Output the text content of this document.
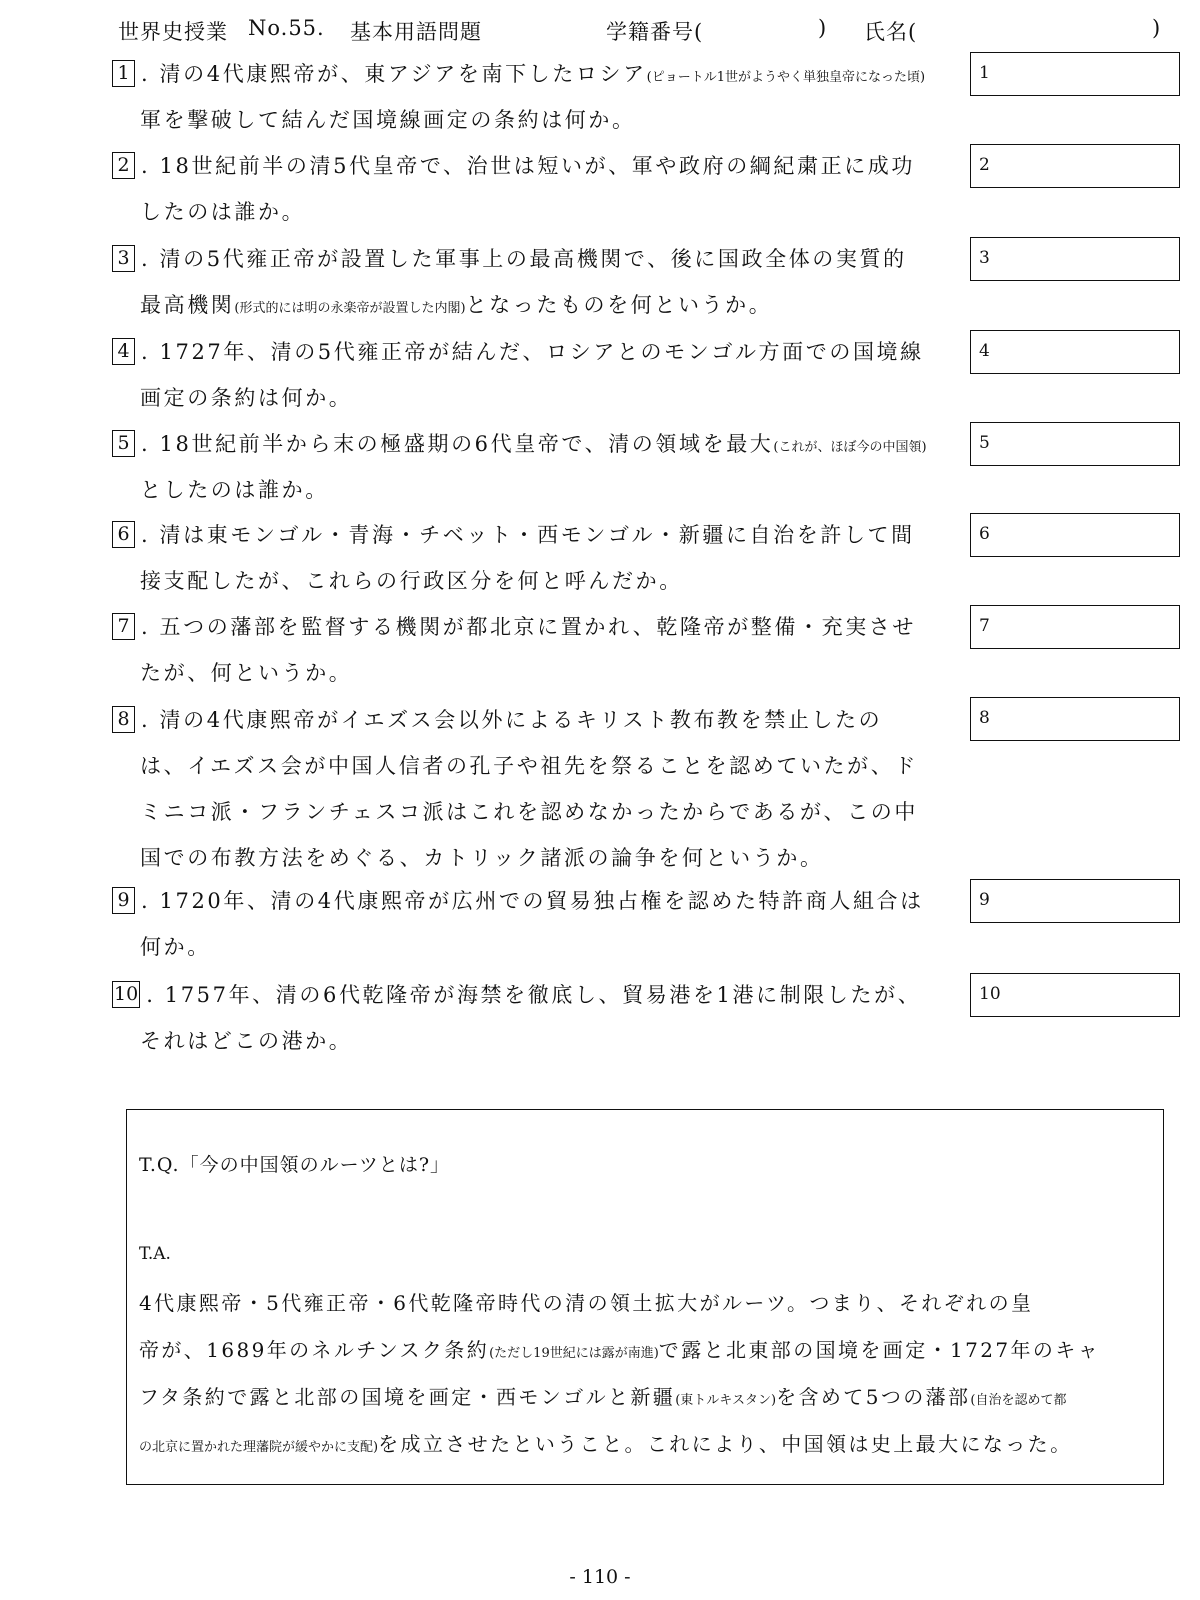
世界史授業 No.55. 基本用語問題	学籍番号(	) 氏名(	)
1 . 清の4代康熙帝が、東アジアを南下したロシア(ピョートル1世がようやく単独皇帝になった頃)
軍を撃破して結んだ国境線画定の条約は何か。
1
2 . 18世紀前半の清5代皇帝で、治世は短いが、軍や政府の綱紀粛正に成功
したのは誰か。
2
3 . 清の5代雍正帝が設置した軍事上の最高機関で、後に国政全体の実質的
最高機関(形式的には明の永楽帝が設置した内閣)となったものを何というか。
3
4 . 1727年、清の5代雍正帝が結んだ、ロシアとのモンゴル方面での国境線
画定の条約は何か。
4
5 . 18世紀前半から末の極盛期の6代皇帝で、清の領域を最大(これが、ほぼ今の中国領)
としたのは誰か。
5
6 . 清は東モンゴル・青海・チベット・西モンゴル・新疆に自治を許して間
接支配したが、これらの行政区分を何と呼んだか。
6
7 . 五つの藩部を監督する機関が都北京に置かれ、乾隆帝が整備・充実させ
たが、何というか。
7
8 . 清の4代康熙帝がイエズス会以外によるキリスト教布教を禁止したの
は、イエズス会が中国人信者の孔子や祖先を祭ることを認めていたが、ド
ミニコ派・フランチェスコ派はこれを認めなかったからであるが、この中
国での布教方法をめぐる、カトリック諸派の論争を何というか。
8
9 . 1720年、清の4代康熙帝が広州での貿易独占権を認めた特許商人組合は
何か。
9
10 . 1757年、清の6代乾隆帝が海禁を徹底し、貿易港を1港に制限したが、
それはどこの港か。
10
T.Q.「今の中国領のルーツとは?」
T.A.
4代康熙帝・5代雍正帝・6代乾隆帝時代の清の領土拡大がルーツ。つまり、それぞれの皇
帝が、1689年のネルチンスク条約(ただし19世紀には露が南進)で露と北東部の国境を画定・1727年のキャ
フタ条約で露と北部の国境を画定・西モンゴルと新疆(東トルキスタン)を含めて5つの藩部(自治を認めて都
の北京に置かれた理藩院が緩やかに支配)を成立させたということ。これにより、中国領は史上最大になった。
- 110 -
